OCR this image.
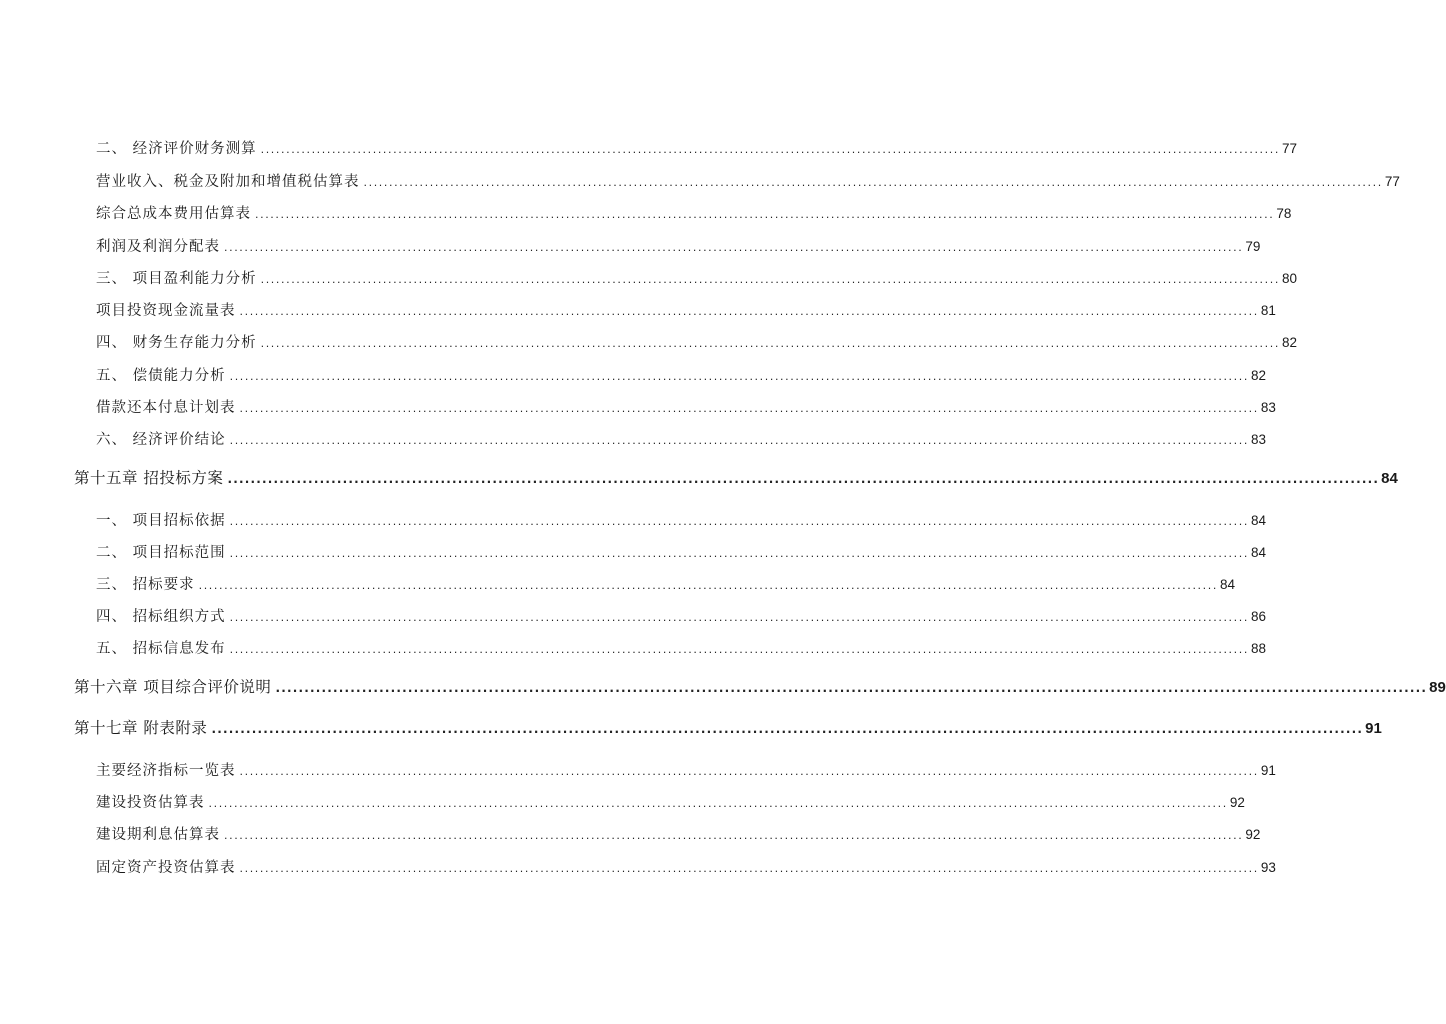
二、 经济评价财务测算 ........................................................................................................................................................................................................ 77
营业收入、税金及附加和增值税估算表 ........................................................................................................................................................................................................ 77
综合总成本费用估算表 ........................................................................................................................................................................................................ 78
利润及利润分配表 ........................................................................................................................................................................................................ 79
三、 项目盈利能力分析 ........................................................................................................................................................................................................ 80
项目投资现金流量表 ........................................................................................................................................................................................................ 81
四、 财务生存能力分析 ........................................................................................................................................................................................................ 82
五、 偿债能力分析 ........................................................................................................................................................................................................ 82
借款还本付息计划表 ........................................................................................................................................................................................................ 83
六、 经济评价结论 ........................................................................................................................................................................................................ 83
第十五章 招投标方案 ........................................................................................................................................................................................................ 84
一、 项目招标依据 ........................................................................................................................................................................................................ 84
二、 项目招标范围 ........................................................................................................................................................................................................ 84
三、 招标要求 ........................................................................................................................................................................................................ 84
四、 招标组织方式 ........................................................................................................................................................................................................ 86
五、 招标信息发布 ........................................................................................................................................................................................................ 88
第十六章 项目综合评价说明 ........................................................................................................................................................................................................ 89
第十七章 附表附录 ........................................................................................................................................................................................................ 91
主要经济指标一览表 ........................................................................................................................................................................................................ 91
建设投资估算表 ........................................................................................................................................................................................................ 92
建设期利息估算表 ........................................................................................................................................................................................................ 92
固定资产投资估算表 ........................................................................................................................................................................................................ 93
